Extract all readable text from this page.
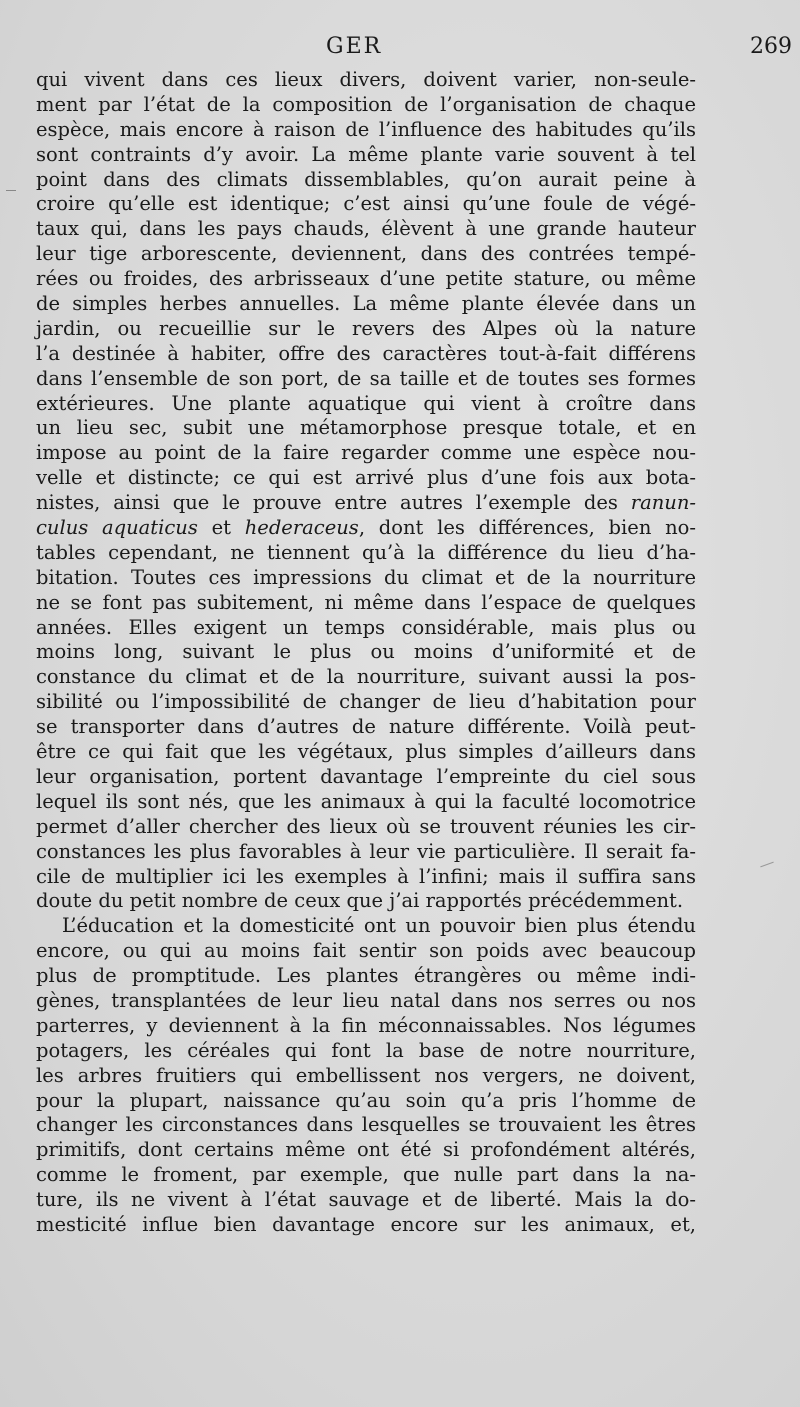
GER	269
qui vivent dans ces lieux divers, doivent varier, non-seule-
ment par l’état de la composition de l’organisation de chaque
espèce, mais encore à raison de l’influence des habitudes qu’ils
sont contraints d’y avoir. La même plante varie souvent à tel
point dans des climats dissemblables, qu’on aurait peine à
croire qu’elle est identique; c’est ainsi qu’une foule de végé-
taux qui, dans les pays chauds, élèvent à une grande hauteur
leur tige arborescente, deviennent, dans des contrées tempé-
rées ou froides, des arbrisseaux d’une petite stature, ou même
de simples herbes annuelles. La même plante élevée dans un
jardin, ou recueillie sur le revers des Alpes où la nature
l’a destinée à habiter, offre des caractères tout-à-fait différens
dans l’ensemble de son port, de sa taille et de toutes ses formes
extérieures. Une plante aquatique qui vient à croître dans
un lieu sec, subit une métamorphose presque totale, et en
impose au point de la faire regarder comme une espèce nou-
velle et distincte; ce qui est arrivé plus d’une fois aux bota-
nistes, ainsi que le prouve entre autres l’exemple des ranun-
culus aquaticus et hederaceus, dont les différences, bien no-
tables cependant, ne tiennent qu’à la différence du lieu d’ha-
bitation. Toutes ces impressions du climat et de la nourriture
ne se font pas subitement, ni même dans l’espace de quelques
années. Elles exigent un temps considérable, mais plus ou
moins long, suivant le plus ou moins d’uniformité et de
constance du climat et de la nourriture, suivant aussi la pos-
sibilité ou l’impossibilité de changer de lieu d’habitation pour
se transporter dans d’autres de nature différente. Voilà peut-
être ce qui fait que les végétaux, plus simples d’ailleurs dans
leur organisation, portent davantage l’empreinte du ciel sous
lequel ils sont nés, que les animaux à qui la faculté locomotrice
permet d’aller chercher des lieux où se trouvent réunies les cir-
constances les plus favorables à leur vie particulière. Il serait fa-
cile de multiplier ici les exemples à l’infini; mais il suffira sans
doute du petit nombre de ceux que j’ai rapportés précédemment.
L’éducation et la domesticité ont un pouvoir bien plus étendu
encore, ou qui au moins fait sentir son poids avec beaucoup
plus de promptitude. Les plantes étrangères ou même indi-
gènes, transplantées de leur lieu natal dans nos serres ou nos
parterres, y deviennent à la fin méconnaissables. Nos légumes
potagers, les céréales qui font la base de notre nourriture,
les arbres fruitiers qui embellissent nos vergers, ne doivent,
pour la plupart, naissance qu’au soin qu’a pris l’homme de
changer les circonstances dans lesquelles se trouvaient les êtres
primitifs, dont certains même ont été si profondément altérés,
comme le froment, par exemple, que nulle part dans la na-
ture, ils ne vivent à l’état sauvage et de liberté. Mais la do-
mesticité influe bien davantage encore sur les animaux, et,
